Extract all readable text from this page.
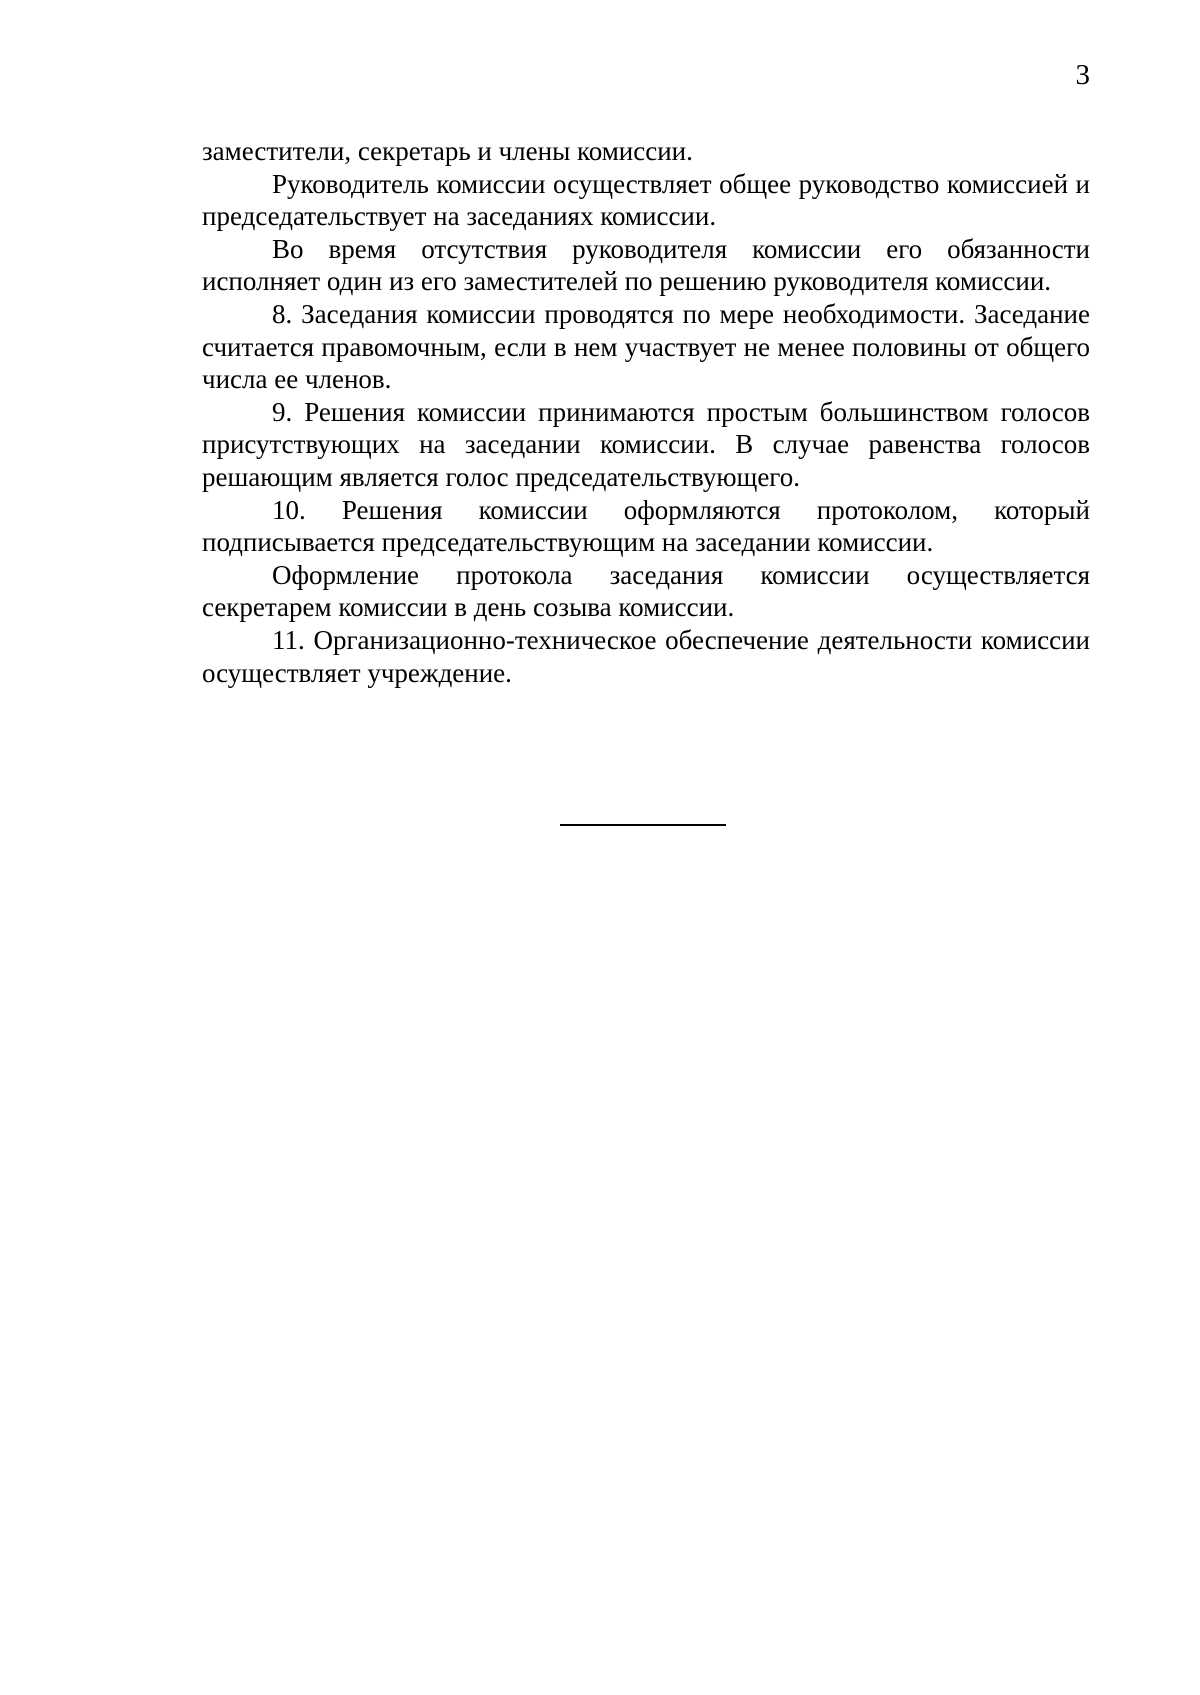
3

заместители, секретарь и члены комиссии.

Руководитель комиссии осуществляет общее руководство комиссией и председательствует на заседаниях комиссии.

Во время отсутствия руководителя комиссии его обязанности исполняет один из его заместителей по решению руководителя комиссии.

8. Заседания комиссии проводятся по мере необходимости. Заседание считается правомочным, если в нем участвует не менее половины от общего числа ее членов.

9. Решения комиссии принимаются простым большинством голосов присутствующих на заседании комиссии. В случае равенства голосов решающим является голос председательствующего.

10. Решения комиссии оформляются протоколом, который подписывается председательствующим на заседании комиссии.

Оформление протокола заседания комиссии осуществляется секретарем комиссии в день созыва комиссии.

11. Организационно-техническое обеспечение деятельности комиссии осуществляет учреждение.
